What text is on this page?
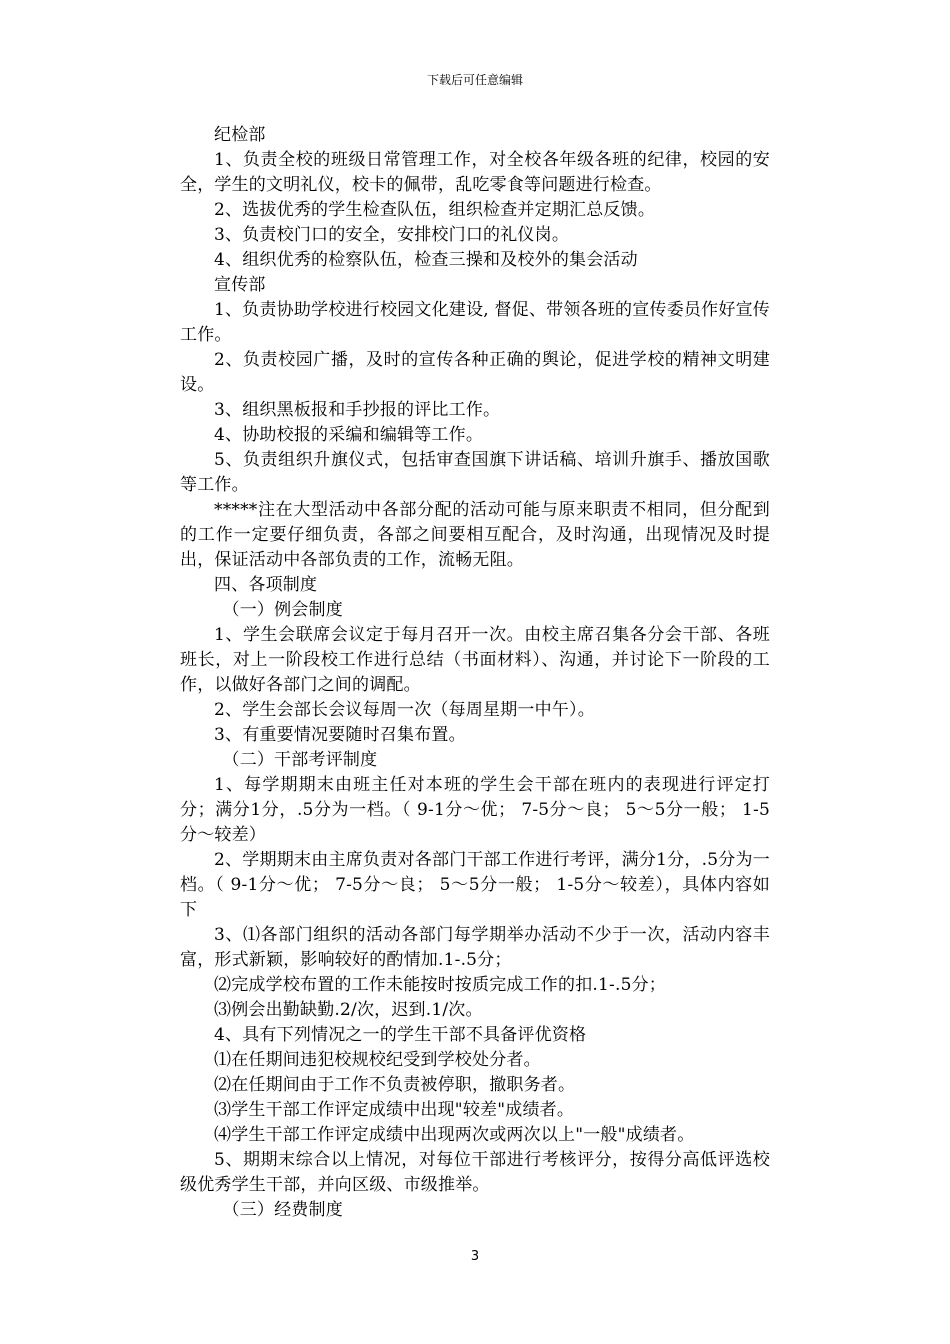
下载后可任意编辑

纪检部

1、负责全校的班级日常管理工作，对全校各年级各班的纪律，校园的安全，学生的文明礼仪，校卡的佩带，乱吃零食等问题进行检查。

2、选拔优秀的学生检查队伍，组织检查并定期汇总反馈。

3、负责校门口的安全，安排校门口的礼仪岗。

4、组织优秀的检察队伍，检查三操和及校外的集会活动

宣传部

1、负责协助学校进行校园文化建设, 督促、带领各班的宣传委员作好宣传工作。

2、负责校园广播，及时的宣传各种正确的舆论，促进学校的精神文明建设。

3、组织黑板报和手抄报的评比工作。

4、协助校报的采编和编辑等工作。

5、负责组织升旗仪式，包括审查国旗下讲话稿、培训升旗手、播放国歌等工作。

*****注在大型活动中各部分配的活动可能与原来职责不相同，但分配到的工作一定要仔细负责，各部之间要相互配合，及时沟通，出现情况及时提出，保证活动中各部负责的工作，流畅无阻。

四、各项制度

（一）例会制度

1、学生会联席会议定于每月召开一次。由校主席召集各分会干部、各班班长，对上一阶段校工作进行总结（书面材料）、沟通，并讨论下一阶段的工作，以做好各部门之间的调配。

2、学生会部长会议每周一次（每周星期一中午）。

3、有重要情况要随时召集布置。

（二）干部考评制度

1、每学期期末由班主任对本班的学生会干部在班内的表现进行评定打分；满分1分，.5分为一档。（ 9-1分～优； 7-5分～良； 5～5分一般； 1-5分～较差）

2、学期期末由主席负责对各部门干部工作进行考评，满分1分，.5分为一档。（ 9-1分～优； 7-5分～良； 5～5分一般； 1-5分～较差），具体内容如下

3、⑴各部门组织的活动各部门每学期举办活动不少于一次，活动内容丰富，形式新颖，影响较好的酌情加.1-.5分；

⑵完成学校布置的工作未能按时按质完成工作的扣.1-.5分；

⑶例会出勤缺勤.2/次，迟到.1/次。

4、具有下列情况之一的学生干部不具备评优资格

⑴在任期间违犯校规校纪受到学校处分者。

⑵在任期间由于工作不负责被停职，撤职务者。

⑶学生干部工作评定成绩中出现"较差"成绩者。

⑷学生干部工作评定成绩中出现两次或两次以上"一般"成绩者。

5、期期末综合以上情况，对每位干部进行考核评分，按得分高低评选校级优秀学生干部，并向区级、市级推举。

（三）经费制度

3
